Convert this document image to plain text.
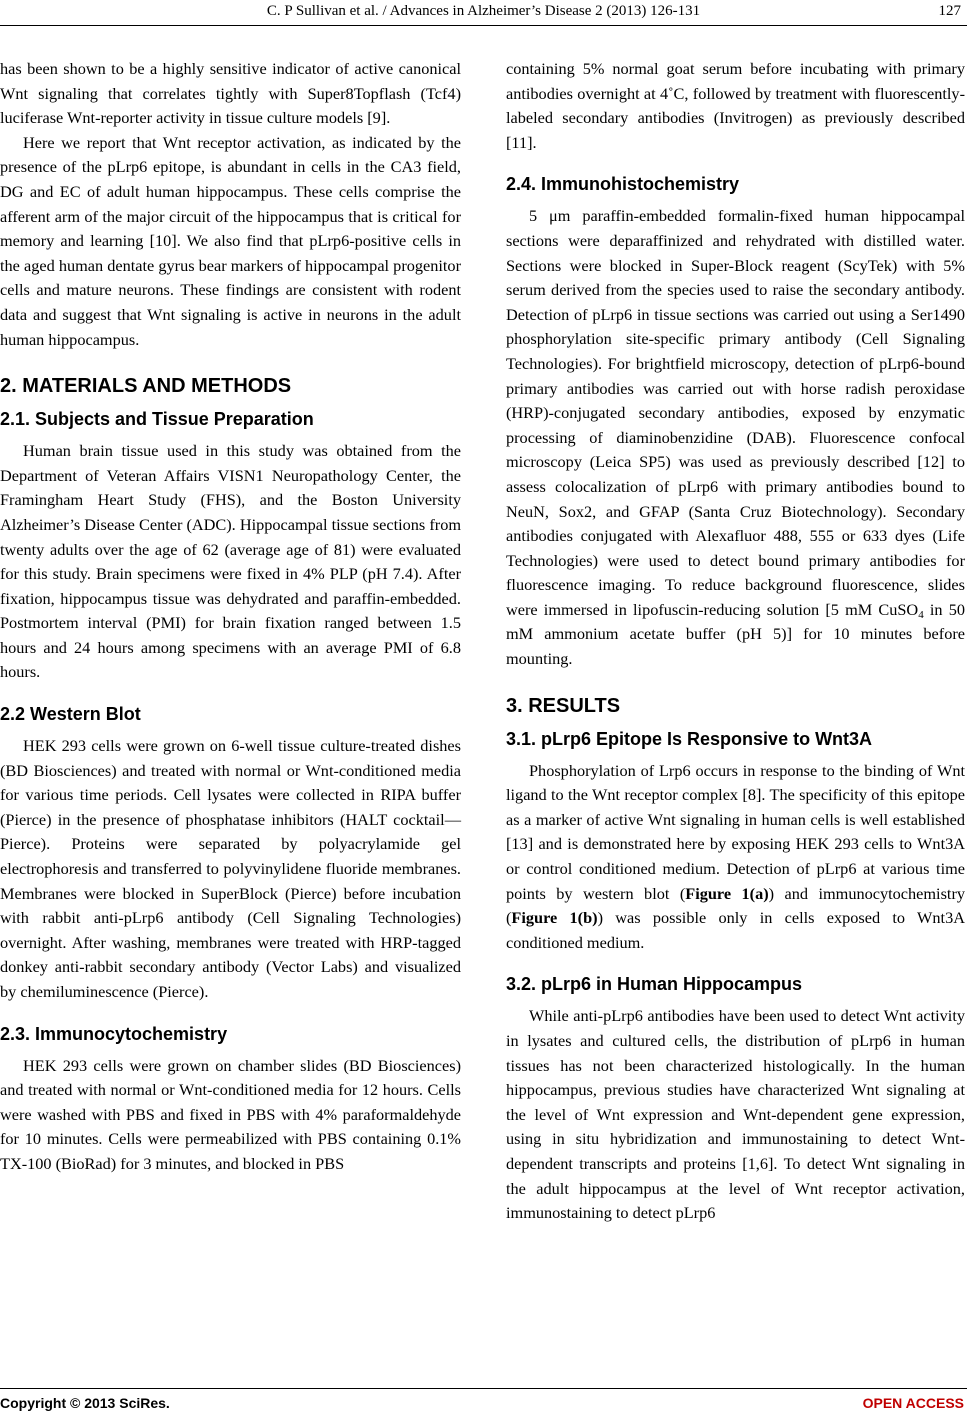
C. P Sullivan et al. / Advances in Alzheimer’s Disease 2 (2013) 126-131	127

has been shown to be a highly sensitive indicator of active canonical Wnt signaling that correlates tightly with Super8Topflash (Tcf4) luciferase Wnt-reporter activity in tissue culture models [9].

Here we report that Wnt receptor activation, as indicated by the presence of the pLrp6 epitope, is abundant in cells in the CA3 field, DG and EC of adult human hippocampus. These cells comprise the afferent arm of the major circuit of the hippocampus that is critical for memory and learning [10]. We also find that pLrp6-positive cells in the aged human dentate gyrus bear markers of hippocampal progenitor cells and mature neurons. These findings are consistent with rodent data and suggest that Wnt signaling is active in neurons in the adult human hippocampus.

2. MATERIALS AND METHODS
2.1. Subjects and Tissue Preparation

Human brain tissue used in this study was obtained from the Department of Veteran Affairs VISN1 Neuropathology Center, the Framingham Heart Study (FHS), and the Boston University Alzheimer’s Disease Center (ADC). Hippocampal tissue sections from twenty adults over the age of 62 (average age of 81) were evaluated for this study. Brain specimens were fixed in 4% PLP (pH 7.4). After fixation, hippocampus tissue was dehydrated and paraffin-embedded. Postmortem interval (PMI) for brain fixation ranged between 1.5 hours and 24 hours among specimens with an average PMI of 6.8 hours.

2.2 Western Blot

HEK 293 cells were grown on 6-well tissue culture-treated dishes (BD Biosciences) and treated with normal or Wnt-conditioned media for various time periods. Cell lysates were collected in RIPA buffer (Pierce) in the presence of phosphatase inhibitors (HALT cocktail—Pierce). Proteins were separated by polyacrylamide gel electrophoresis and transferred to polyvinylidene fluoride membranes. Membranes were blocked in SuperBlock (Pierce) before incubation with rabbit anti-pLrp6 antibody (Cell Signaling Technologies) overnight. After washing, membranes were treated with HRP-tagged donkey anti-rabbit secondary antibody (Vector Labs) and visualized by chemiluminescence (Pierce).

2.3. Immunocytochemistry

HEK 293 cells were grown on chamber slides (BD Biosciences) and treated with normal or Wnt-conditioned media for 12 hours. Cells were washed with PBS and fixed in PBS with 4% paraformaldehyde for 10 minutes. Cells were permeabilized with PBS containing 0.1% TX-100 (BioRad) for 3 minutes, and blocked in PBS

containing 5% normal goat serum before incubating with primary antibodies overnight at 4˚C, followed by treatment with fluorescently-labeled secondary antibodies (Invitrogen) as previously described [11].

2.4. Immunohistochemistry

5 μm paraffin-embedded formalin-fixed human hippocampal sections were deparaffinized and rehydrated with distilled water. Sections were blocked in Super-Block reagent (ScyTek) with 5% serum derived from the species used to raise the secondary antibody. Detection of pLrp6 in tissue sections was carried out using a Ser1490 phosphorylation site-specific primary antibody (Cell Signaling Technologies). For brightfield microscopy, detection of pLrp6-bound primary antibodies was carried out with horse radish peroxidase (HRP)-conjugated secondary antibodies, exposed by enzymatic processing of diaminobenzidine (DAB). Fluorescence confocal microscopy (Leica SP5) was used as previously described [12] to assess colocalization of pLrp6 with primary antibodies bound to NeuN, Sox2, and GFAP (Santa Cruz Biotechnology). Secondary antibodies conjugated with Alexafluor 488, 555 or 633 dyes (Life Technologies) were used to detect bound primary antibodies for fluorescence imaging. To reduce background fluorescence, slides were immersed in lipofuscin-reducing solution [5 mM CuSO$_4$ in 50 mM ammonium acetate buffer (pH 5)] for 10 minutes before mounting.

3. RESULTS
3.1. pLrp6 Epitope Is Responsive to Wnt3A

Phosphorylation of Lrp6 occurs in response to the binding of Wnt ligand to the Wnt receptor complex [8]. The specificity of this epitope as a marker of active Wnt signaling in human cells is well established [13] and is demonstrated here by exposing HEK 293 cells to Wnt3A or control conditioned medium. Detection of pLrp6 at various time points by western blot (Figure 1(a)) and immunocytochemistry (Figure 1(b)) was possible only in cells exposed to Wnt3A conditioned medium.

3.2. pLrp6 in Human Hippocampus

While anti-pLrp6 antibodies have been used to detect Wnt activity in lysates and cultured cells, the distribution of pLrp6 in human tissues has not been characterized histologically. In the human hippocampus, previous studies have characterized Wnt signaling at the level of Wnt expression and Wnt-dependent gene expression, using in situ hybridization and immunostaining to detect Wnt-dependent transcripts and proteins [1,6]. To detect Wnt signaling in the adult hippocampus at the level of Wnt receptor activation, immunostaining to detect pLrp6

Copyright © 2013 SciRes.	OPEN ACCESS
